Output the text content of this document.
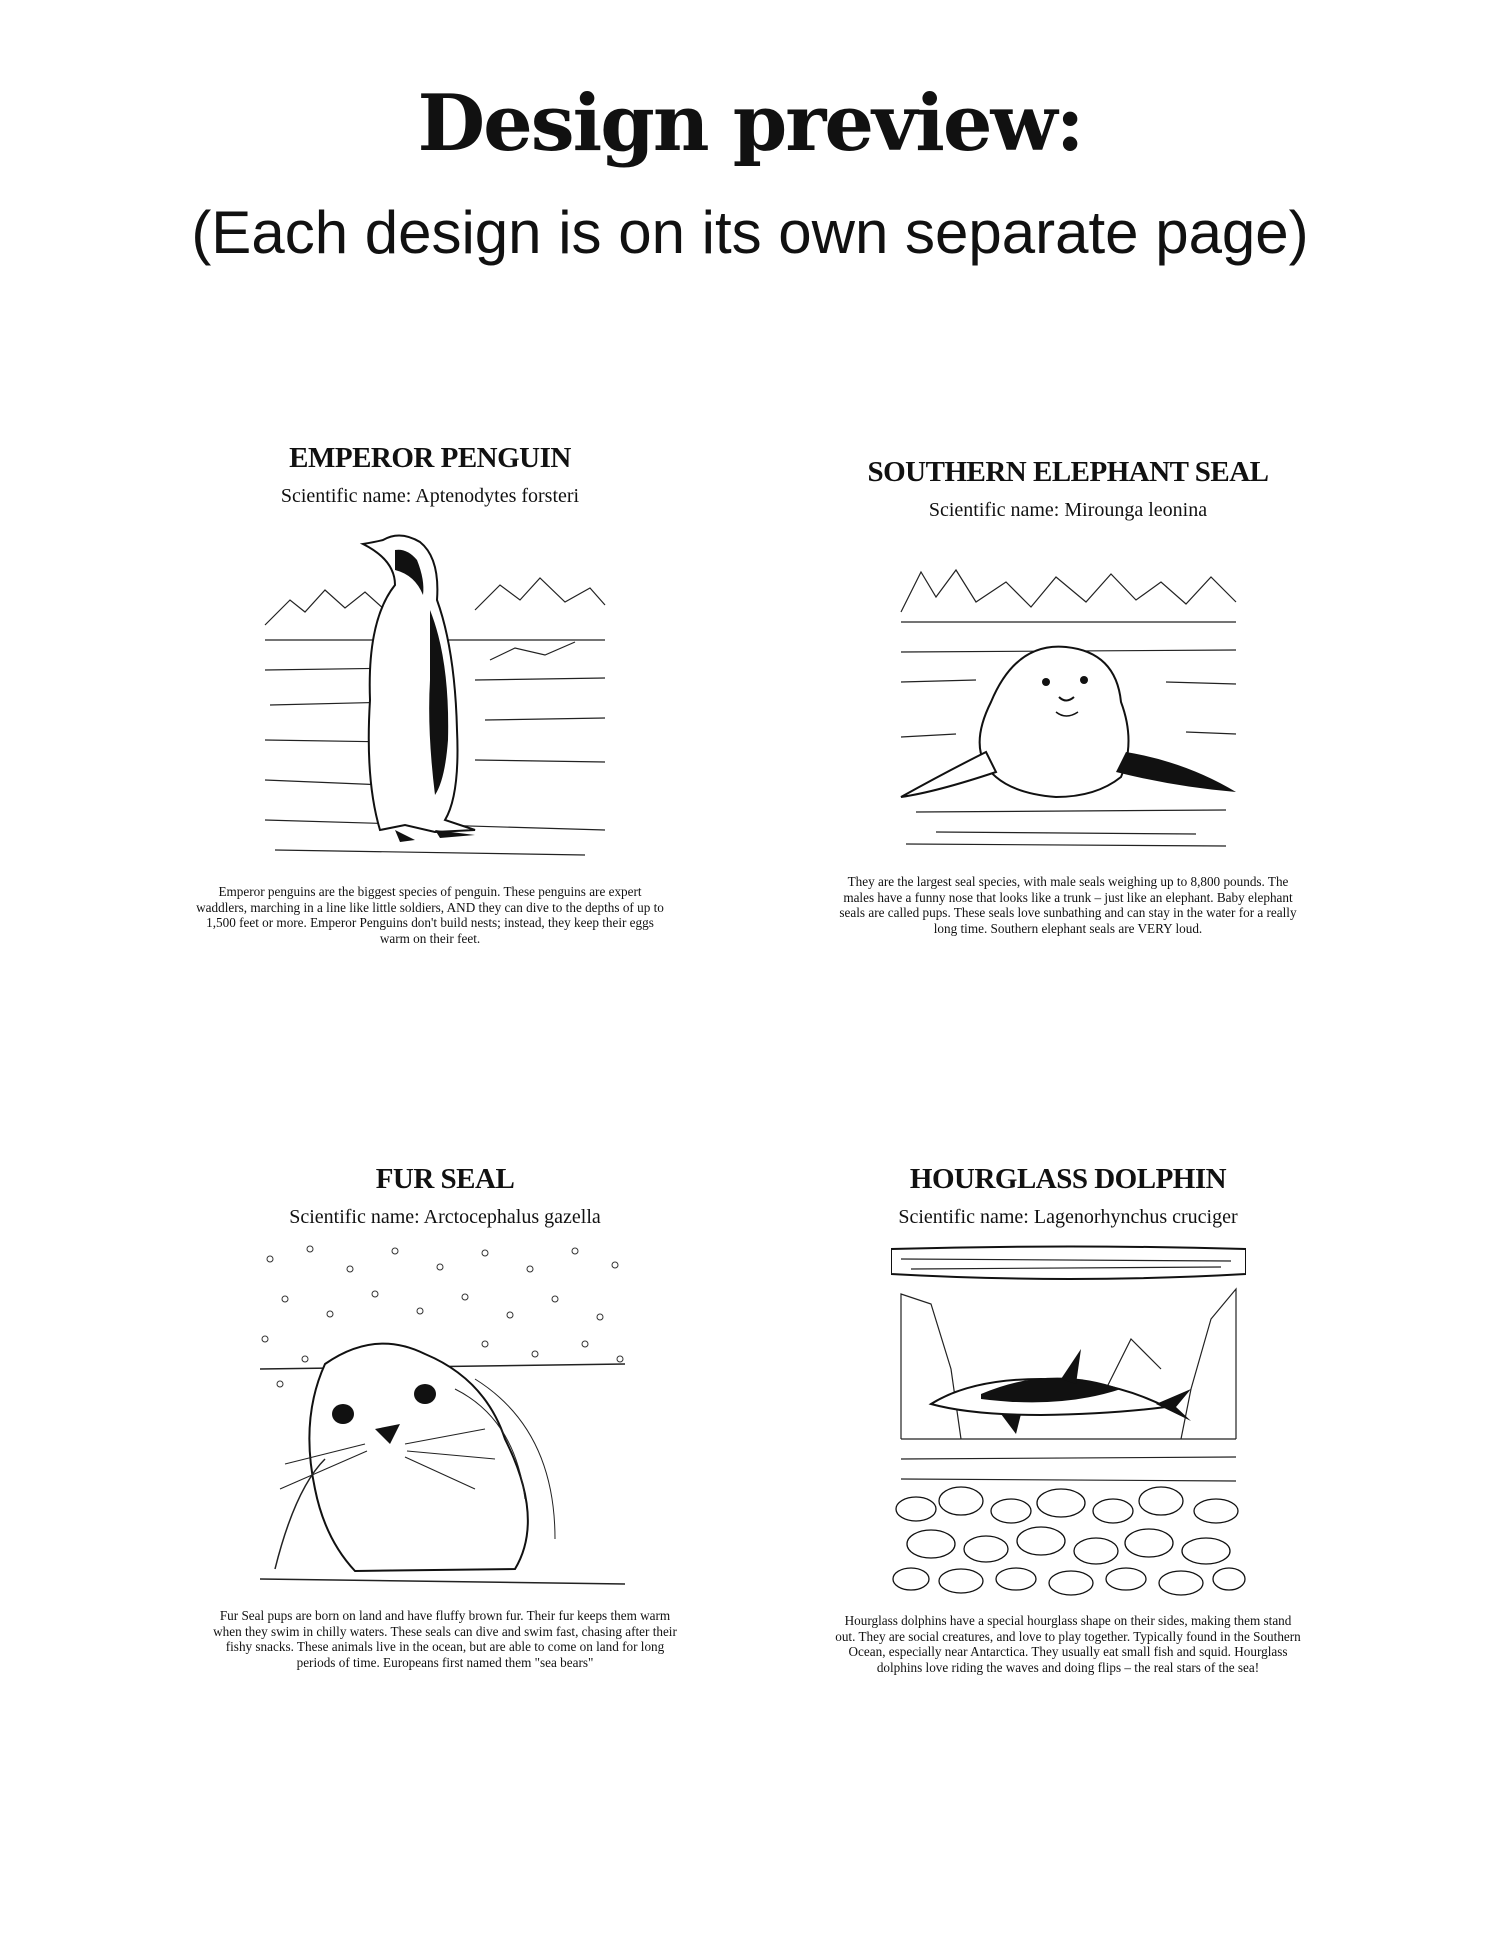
Design preview:
(Each design is on its own separate page)
EMPEROR PENGUIN
Scientific name: Aptenodytes forsteri
Emperor penguins are the biggest species of penguin. These penguins are expert waddlers, marching in a line like little soldiers, AND they can dive to the depths of up to 1,500 feet or more. Emperor Penguins don't build nests; instead, they keep their eggs warm on their feet.
SOUTHERN ELEPHANT SEAL
Scientific name: Mirounga leonina
They are the largest seal species, with male seals weighing up to 8,800 pounds. The males have a funny nose that looks like a trunk – just like an elephant. Baby elephant seals are called pups. These seals love sunbathing and can stay in the water for a really long time. Southern elephant seals are VERY loud.
FUR SEAL
Scientific name: Arctocephalus gazella
Fur Seal pups are born on land and have fluffy brown fur. Their fur keeps them warm when they swim in chilly waters. These seals can dive and swim fast, chasing after their fishy snacks. These animals live in the ocean, but are able to come on land for long periods of time. Europeans first named them "sea bears"
HOURGLASS DOLPHIN
Scientific name: Lagenorhynchus cruciger
Hourglass dolphins have a special hourglass shape on their sides, making them stand out. They are social creatures, and love to play together. Typically found in the Southern Ocean, especially near Antarctica. They usually eat small fish and squid. Hourglass dolphins love riding the waves and doing flips – the real stars of the sea!
